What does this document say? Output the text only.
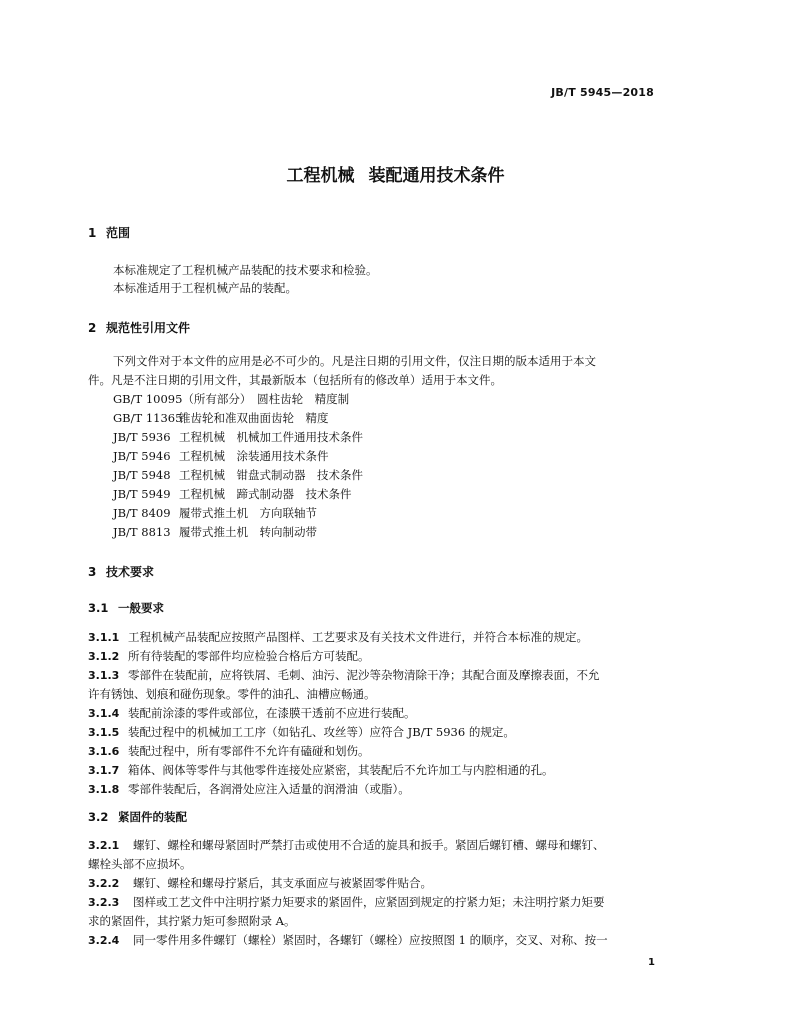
JB/T 5945—2018
工程机械 装配通用技术条件
1 范围
本标准规定了工程机械产品装配的技术要求和检验。
本标准适用于工程机械产品的装配。
2 规范性引用文件
下列文件对于本文件的应用是必不可少的。凡是注日期的引用文件，仅注日期的版本适用于本文
件。凡是不注日期的引用文件，其最新版本（包括所有的修改单）适用于本文件。
GB/T 10095（所有部分）　 圆柱齿轮　精度制
GB/T 11365锥齿轮和准双曲面齿轮　精度
JB/T 5936 工程机械　机械加工件通用技术条件
JB/T 5946 工程机械　涂装通用技术条件
JB/T 5948 工程机械　钳盘式制动器　技术条件
JB/T 5949 工程机械　蹄式制动器　技术条件
JB/T 8409 履带式推土机　方向联轴节
JB/T 8813 履带式推土机　转向制动带
3 技术要求
3.1 一般要求
3.1.1 工程机械产品装配应按照产品图样、工艺要求及有关技术文件进行，并符合本标准的规定。
3.1.2 所有待装配的零部件均应检验合格后方可装配。
3.1.3 零部件在装配前，应将铁屑、毛刺、油污、泥沙等杂物清除干净；其配合面及摩擦表面，不允
许有锈蚀、划痕和碰伤现象。零件的油孔、油槽应畅通。
3.1.4 装配前涂漆的零件或部位，在漆膜干透前不应进行装配。
3.1.5 装配过程中的机械加工工序（如钻孔、攻丝等）应符合 JB/T 5936 的规定。
3.1.6 装配过程中，所有零部件不允许有磕碰和划伤。
3.1.7 箱体、阀体等零件与其他零件连接处应紧密，其装配后不允许加工与内腔相通的孔。
3.1.8 零部件装配后，各润滑处应注入适量的润滑油（或脂）。
3.2 紧固件的装配
3.2.1 螺钉、螺栓和螺母紧固时严禁打击或使用不合适的旋具和扳手。紧固后螺钉槽、螺母和螺钉、
螺栓头部不应损坏。
3.2.2 螺钉、螺栓和螺母拧紧后，其支承面应与被紧固零件贴合。
3.2.3 图样或工艺文件中注明拧紧力矩要求的紧固件，应紧固到规定的拧紧力矩；未注明拧紧力矩要
求的紧固件，其拧紧力矩可参照附录 A。
3.2.4 同一零件用多件螺钉（螺栓）紧固时，各螺钉（螺栓）应按照图 1 的顺序，交叉、对称、按一
1
